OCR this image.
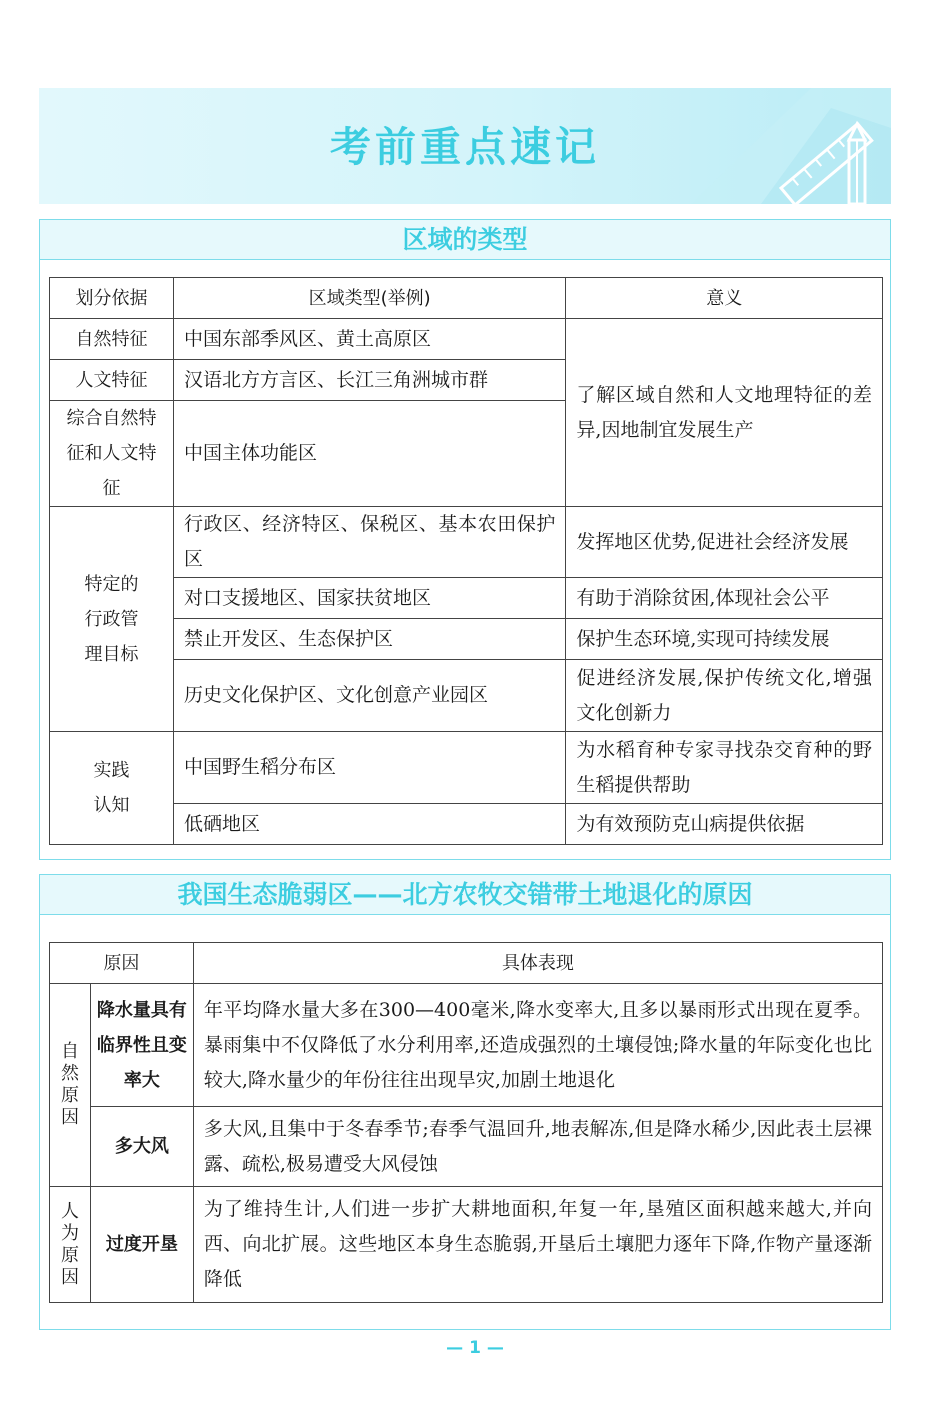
考前重点速记
区域的类型
划分依据	区域类型(举例)	意义
自然特征	中国东部季风区、黄土高原区	了解区域自然和人文地理特征的差异,因地制宜发展生产
人文特征	汉语北方方言区、长江三角洲城市群	
综合自然特征和人文特征	中国主体功能区	
特定的行政管理目标	行政区、经济特区、保税区、基本农田保护区	发挥地区优势,促进社会经济发展
	对口支援地区、国家扶贫地区	有助于消除贫困,体现社会公平
	禁止开发区、生态保护区	保护生态环境,实现可持续发展
	历史文化保护区、文化创意产业园区	促进经济发展,保护传统文化,增强文化创新力
实践认知	中国野生稻分布区	为水稻育种专家寻找杂交育种的野生稻提供帮助
	低硒地区	为有效预防克山病提供依据
我国生态脆弱区——北方农牧交错带土地退化的原因
原因		具体表现
自然原因	降水量具有临界性且变率大	年平均降水量大多在300—400毫米,降水变率大,且多以暴雨形式出现在夏季。暴雨集中不仅降低了水分利用率,还造成强烈的土壤侵蚀;降水量的年际变化也比较大,降水量少的年份往往出现旱灾,加剧土地退化
	多大风	多大风,且集中于冬春季节;春季气温回升,地表解冻,但是降水稀少,因此表土层裸露、疏松,极易遭受大风侵蚀
人为原因	过度开垦	为了维持生计,人们进一步扩大耕地面积,年复一年,垦殖区面积越来越大,并向西、向北扩展。这些地区本身生态脆弱,开垦后土壤肥力逐年下降,作物产量逐渐降低
— 1 —
